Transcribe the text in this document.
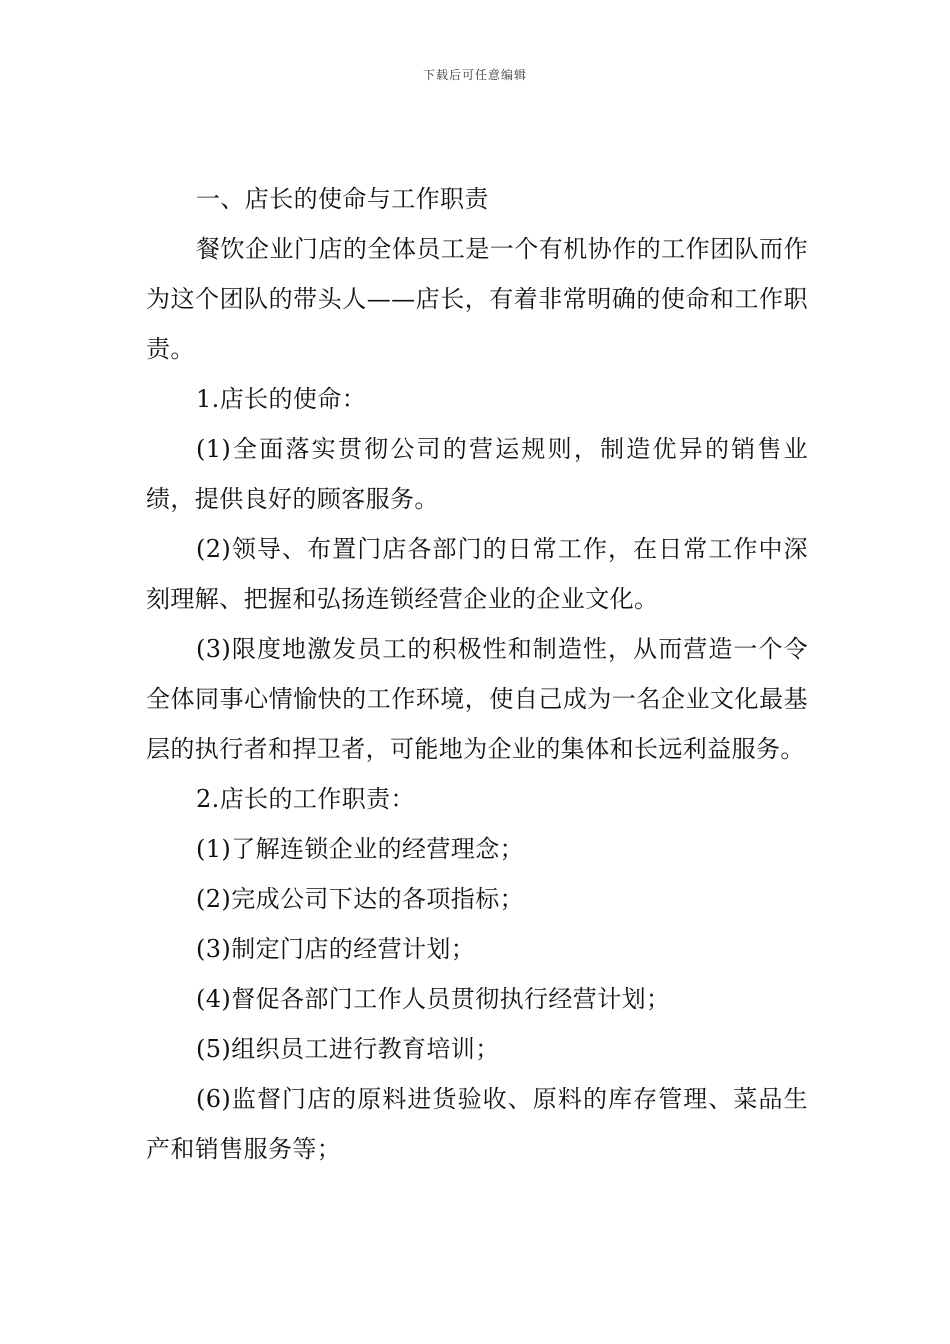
下载后可任意编辑

一、店长的使命与工作职责

餐饮企业门店的全体员工是一个有机协作的工作团队而作为这个团队的带头人——店长，有着非常明确的使命和工作职责。

1.店长的使命：

(1)全面落实贯彻公司的营运规则，制造优异的销售业绩，提供良好的顾客服务。

(2)领导、布置门店各部门的日常工作，在日常工作中深刻理解、把握和弘扬连锁经营企业的企业文化。

(3)限度地激发员工的积极性和制造性，从而营造一个令全体同事心情愉快的工作环境，使自己成为一名企业文化最基层的执行者和捍卫者，可能地为企业的集体和长远利益服务。

2.店长的工作职责：

(1)了解连锁企业的经营理念；

(2)完成公司下达的各项指标；

(3)制定门店的经营计划；

(4)督促各部门工作人员贯彻执行经营计划；

(5)组织员工进行教育培训；

(6)监督门店的原料进货验收、原料的库存管理、菜品生产和销售服务等；
